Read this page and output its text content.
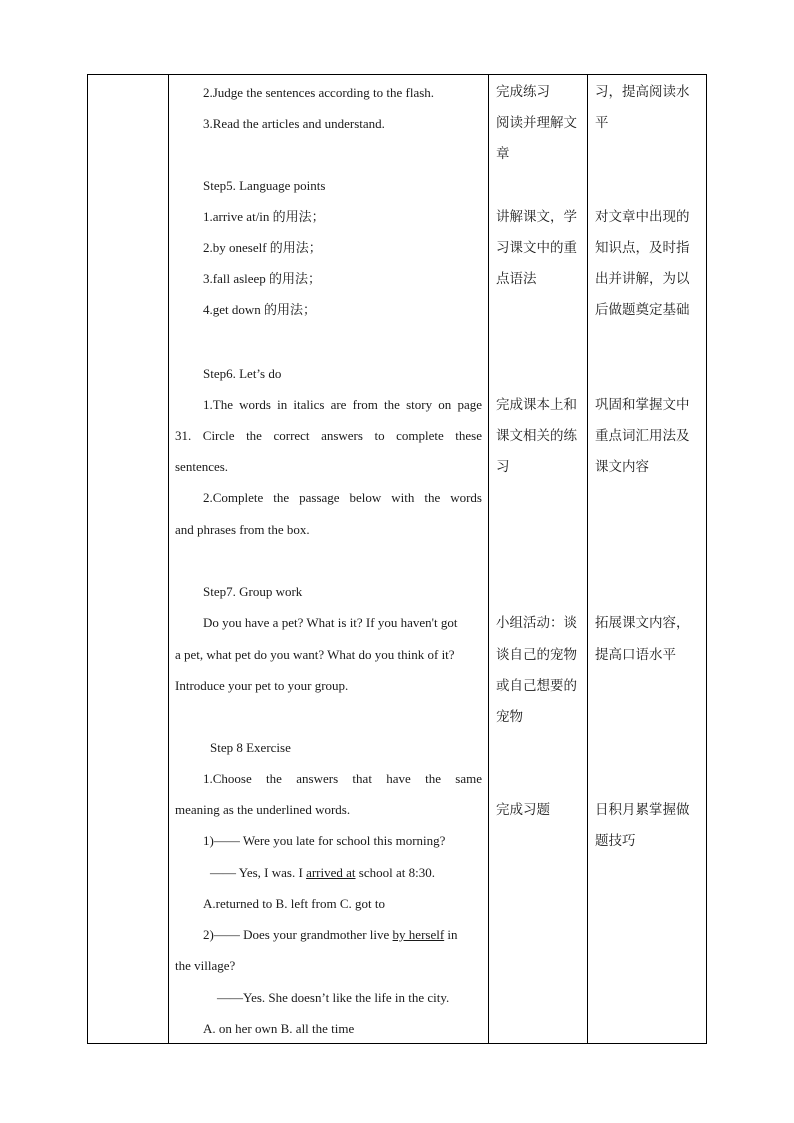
2.Judge the sentences according to the flash.
3.Read the articles and understand.
Step5. Language points
1.arrive at/in 的用法；
2.by oneself 的用法；
3.fall asleep 的用法；
4.get down 的用法；
Step6. Let’s do
1.The words in italics are from the story on page
31. Circle the correct answers to complete these
sentences.
2.Complete the passage below with the words
and phrases from the box.
Step7. Group work
Do you have a pet? What is it? If you haven't got
a pet, what pet do you want? What do you think of it?
Introduce your pet to your group.
Step 8 Exercise
1.Choose the answers that have the same
meaning as the underlined words.
1)—— Were you late for school this morning?
—— Yes, I was. I arrived at school at 8:30.
A.returned to B. left from C. got to
2)—— Does your grandmother live by herself in
the village?
——Yes. She doesn’t like the life in the city.
A. on her own B. all the time
完成练习
阅读并理解文
章
讲解课文，学
习课文中的重
点语法
完成课本上和
课文相关的练
习
小组活动：谈
谈自己的宠物
或自己想要的
宠物
完成习题
习，提高阅读水
平
对文章中出现的
知识点，及时指
出并讲解，为以
后做题奠定基础
巩固和掌握文中
重点词汇用法及
课文内容
拓展课文内容，
提高口语水平
日积月累掌握做
题技巧
